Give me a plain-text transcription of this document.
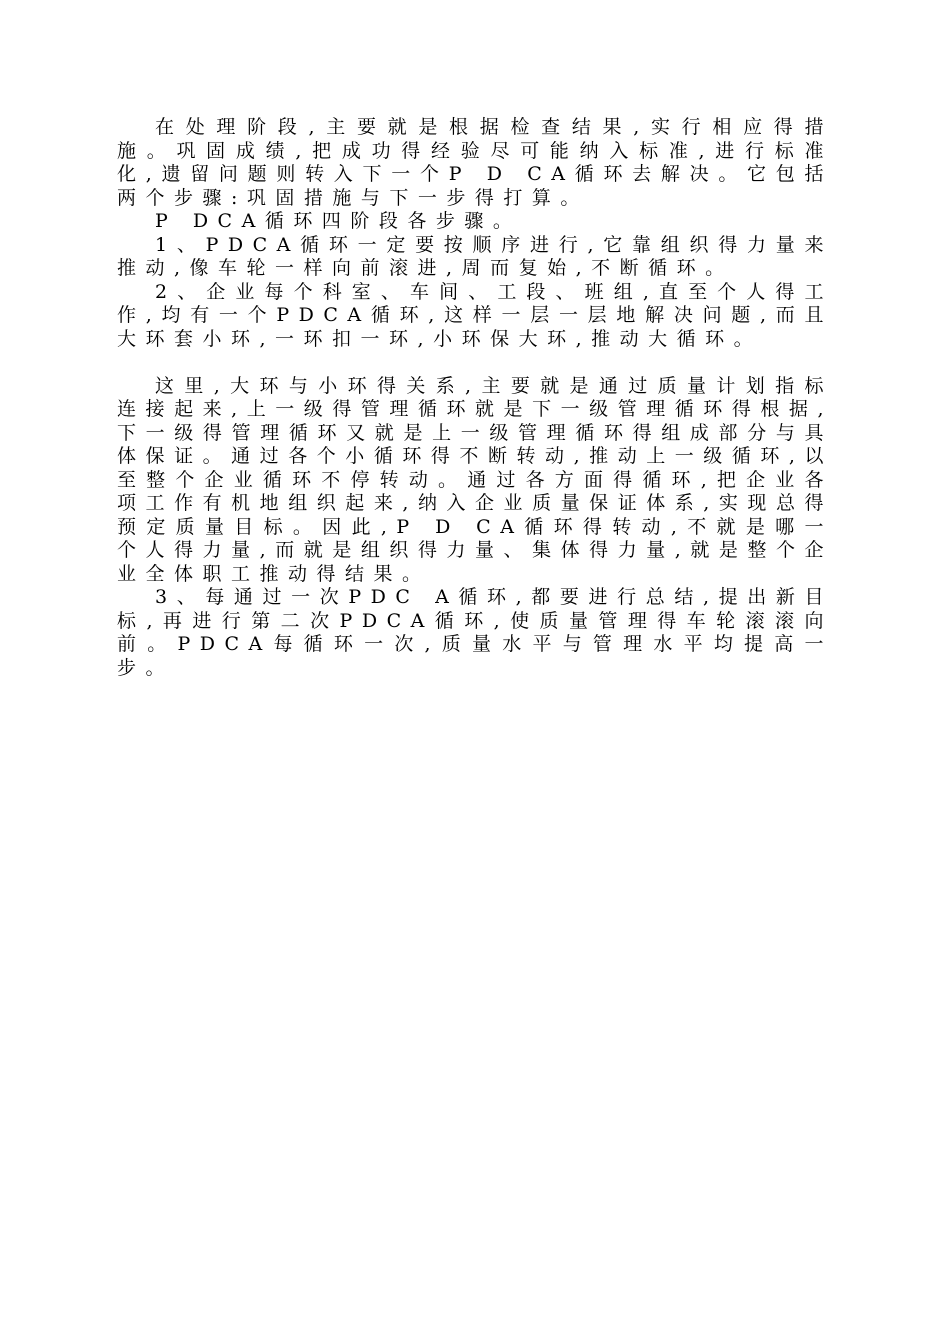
在处理阶段,主要就是根据检查结果,实行相应得措施。巩固成绩,把成功得经验尽可能纳入标准,进行标准化,遗留问题则转入下一个P D CA循环去解决。它包括两个步骤:巩固措施与下一步得打算。

P DCA循环四阶段各步骤。

1、PDCA循环一定要按顺序进行,它靠组织得力量来推动,像车轮一样向前滚进,周而复始,不断循环。

2、企业每个科室、车间、工段、班组,直至个人得工作,均有一个PDCA循环,这样一层一层地解决问题,而且大环套小环,一环扣一环,小环保大环,推动大循环。

这里,大环与小环得关系,主要就是通过质量计划指标连接起来,上一级得管理循环就是下一级管理循环得根据,下一级得管理循环又就是上一级管理循环得组成部分与具体保证。通过各个小循环得不断转动,推动上一级循环,以至整个企业循环不停转动。通过各方面得循环,把企业各项工作有机地组织起来,纳入企业质量保证体系,实现总得预定质量目标。因此,P D CA循环得转动,不就是哪一个人得力量,而就是组织得力量、集体得力量,就是整个企业全体职工推动得结果。

3、每通过一次PDC A循环,都要进行总结,提出新目标,再进行第二次PDCA循环,使质量管理得车轮滚滚向前。PDCA每循环一次,质量水平与管理水平均提高一步。
